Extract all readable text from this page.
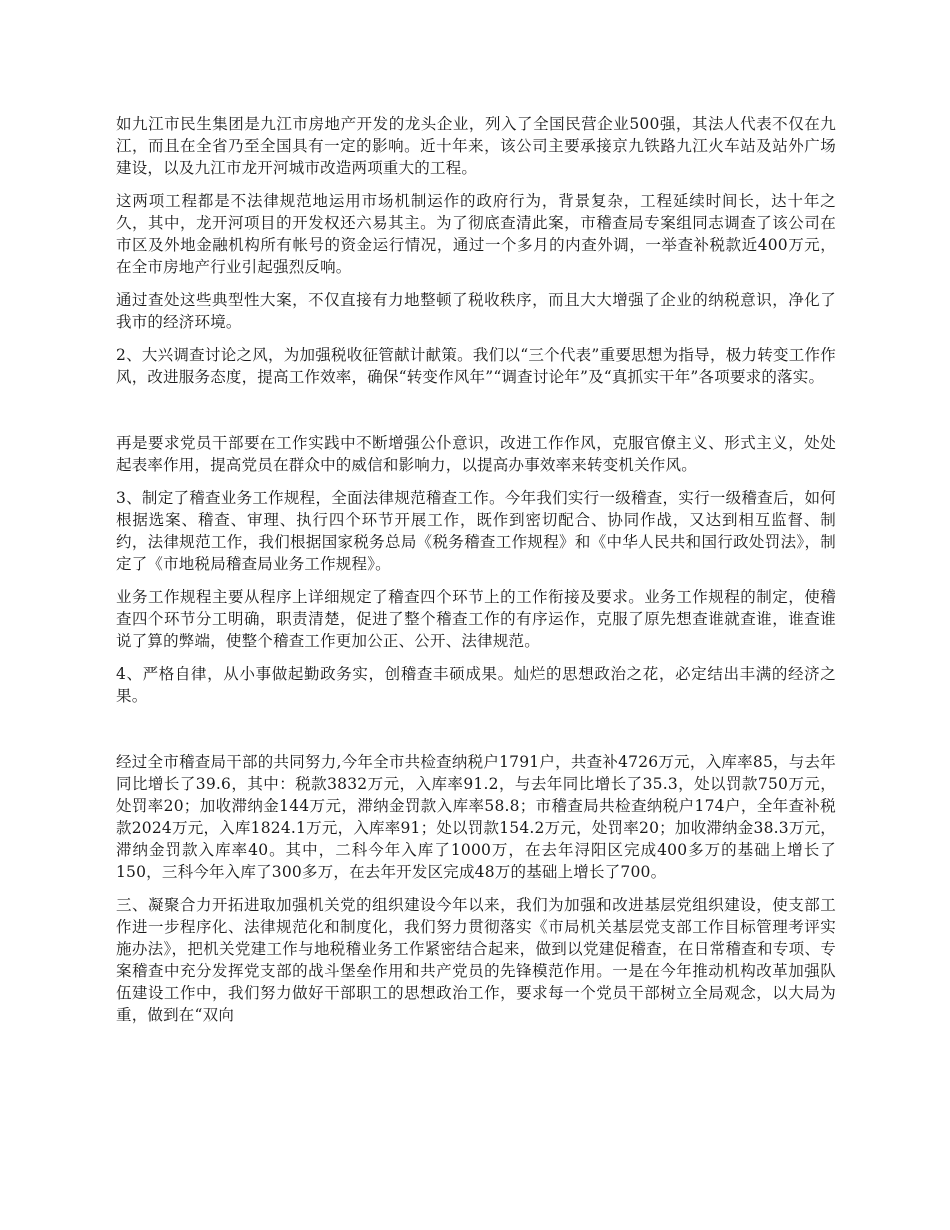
如九江市民生集团是九江市房地产开发的龙头企业，列入了全国民营企业500强，其法人代表不仅在九江，而且在全省乃至全国具有一定的影响。近十年来，该公司主要承接京九铁路九江火车站及站外广场建设，以及九江市龙开河城市改造两项重大的工程。

这两项工程都是不法律规范地运用市场机制运作的政府行为，背景复杂，工程延续时间长，达十年之久，其中，龙开河项目的开发权还六易其主。为了彻底查清此案，市稽查局专案组同志调查了该公司在市区及外地金融机构所有帐号的资金运行情况，通过一个多月的内查外调，一举查补税款近400万元，在全市房地产行业引起强烈反响。

通过查处这些典型性大案，不仅直接有力地整顿了税收秩序，而且大大增强了企业的纳税意识，净化了我市的经济环境。

2、大兴调查讨论之风，为加强税收征管献计献策。我们以“三个代表”重要思想为指导，极力转变工作作风，改进服务态度，提高工作效率，确保“转变作风年”“调查讨论年”及“真抓实干年”各项要求的落实。

再是要求党员干部要在工作实践中不断增强公仆意识，改进工作作风，克服官僚主义、形式主义，处处起表率作用，提高党员在群众中的威信和影响力，以提高办事效率来转变机关作风。

3、制定了稽查业务工作规程，全面法律规范稽查工作。今年我们实行一级稽查，实行一级稽查后，如何根据选案、稽查、审理、执行四个环节开展工作，既作到密切配合、协同作战，又达到相互监督、制约，法律规范工作，我们根据国家税务总局《税务稽查工作规程》和《中华人民共和国行政处罚法》，制定了《市地税局稽查局业务工作规程》。

业务工作规程主要从程序上详细规定了稽查四个环节上的工作衔接及要求。业务工作规程的制定，使稽查四个环节分工明确，职责清楚，促进了整个稽查工作的有序运作，克服了原先想查谁就查谁，谁查谁说了算的弊端，使整个稽查工作更加公正、公开、法律规范。

4、严格自律，从小事做起勤政务实，创稽查丰硕成果。灿烂的思想政治之花，必定结出丰满的经济之果。

经过全市稽查局干部的共同努力,今年全市共检查纳税户1791户，共查补4726万元，入库率85，与去年同比增长了39.6，其中：税款3832万元，入库率91.2，与去年同比增长了35.3，处以罚款750万元，处罚率20；加收滞纳金144万元，滞纳金罚款入库率58.8；市稽查局共检查纳税户174户，全年查补税款2024万元，入库1824.1万元，入库率91；处以罚款154.2万元，处罚率20；加收滞纳金38.3万元，滞纳金罚款入库率40。其中，二科今年入库了1000万，在去年浔阳区完成400多万的基础上增长了150，三科今年入库了300多万，在去年开发区完成48万的基础上增长了700。

三、凝聚合力开拓进取加强机关党的组织建设今年以来，我们为加强和改进基层党组织建设，使支部工作进一步程序化、法律规范化和制度化，我们努力贯彻落实《市局机关基层党支部工作目标管理考评实施办法》，把机关党建工作与地税稽业务工作紧密结合起来，做到以党建促稽查，在日常稽查和专项、专案稽查中充分发挥党支部的战斗堡垒作用和共产党员的先锋模范作用。一是在今年推动机构改革加强队伍建设工作中，我们努力做好干部职工的思想政治工作，要求每一个党员干部树立全局观念，以大局为重，做到在“双向
